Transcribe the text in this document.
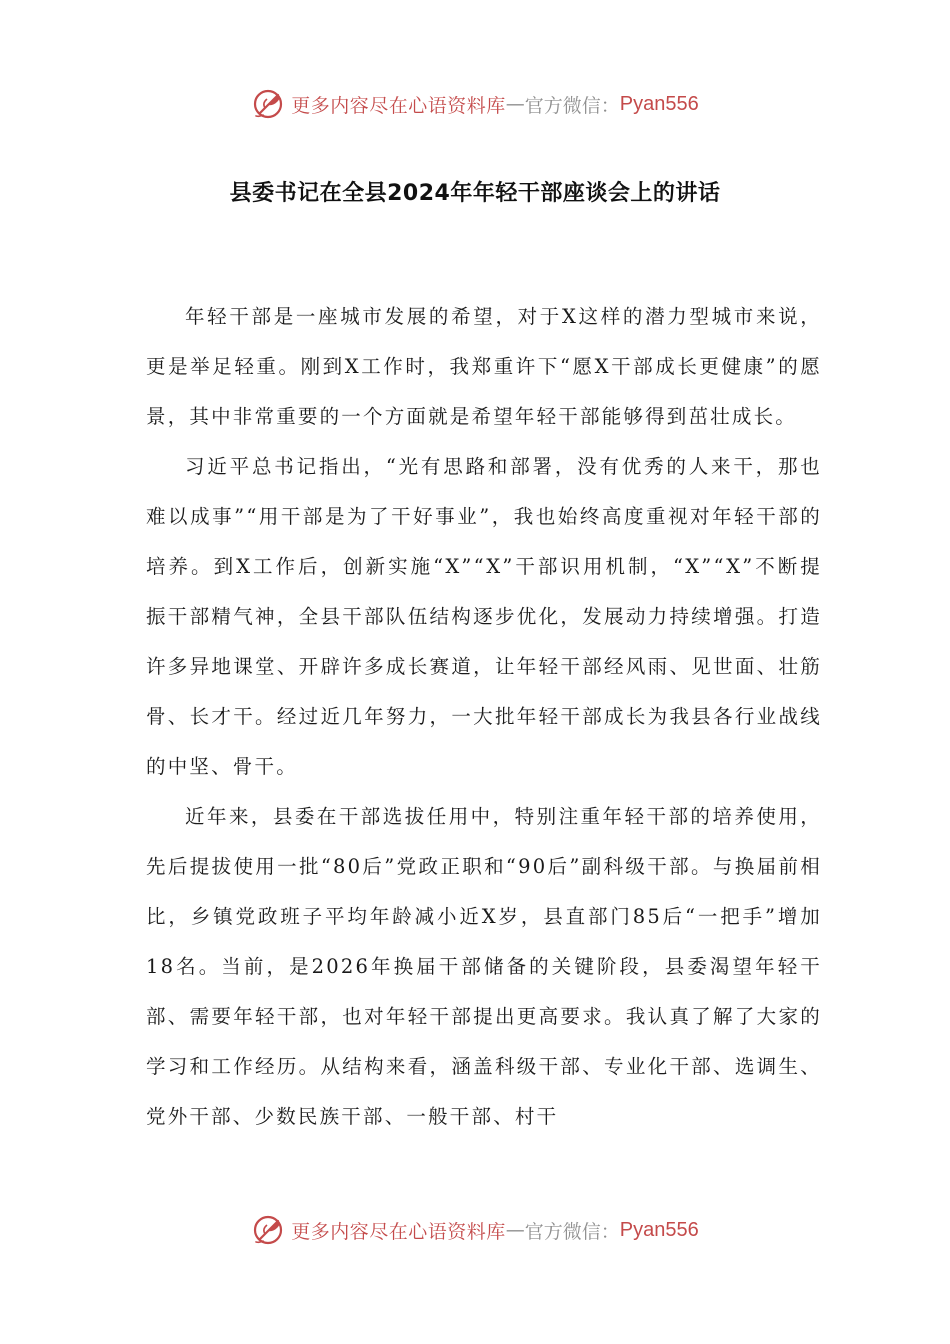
更多内容尽在心语资料库 — 官方微信： Pyan556
县委书记在全县2024年年轻干部座谈会上的讲话

年轻干部是一座城市发展的希望，对于X这样的潜力型城市来说，更是举足轻重。刚到X工作时，我郑重许下“愿X干部成长更健康”的愿景，其中非常重要的一个方面就是希望年轻干部能够得到茁壮成长。

习近平总书记指出，“光有思路和部署，没有优秀的人来干，那也难以成事”“用干部是为了干好事业”，我也始终高度重视对年轻干部的培养。到X工作后，创新实施“X”“X”干部识用机制，“X”“X”不断提振干部精气神，全县干部队伍结构逐步优化，发展动力持续增强。打造许多异地课堂、开辟许多成长赛道，让年轻干部经风雨、见世面、壮筋骨、长才干。经过近几年努力，一大批年轻干部成长为我县各行业战线的中坚、骨干。

近年来，县委在干部选拔任用中，特别注重年轻干部的培养使用，先后提拔使用一批“80后”党政正职和“90后”副科级干部。与换届前相比，乡镇党政班子平均年龄减小近X岁，县直部门85后“一把手”增加18名。当前，是2026年换届干部储备的关键阶段，县委渴望年轻干部、需要年轻干部，也对年轻干部提出更高要求。我认真了解了大家的学习和工作经历。从结构来看，涵盖科级干部、专业化干部、选调生、党外干部、少数民族干部、一般干部、村干

更多内容尽在心语资料库 — 官方微信： Pyan556
